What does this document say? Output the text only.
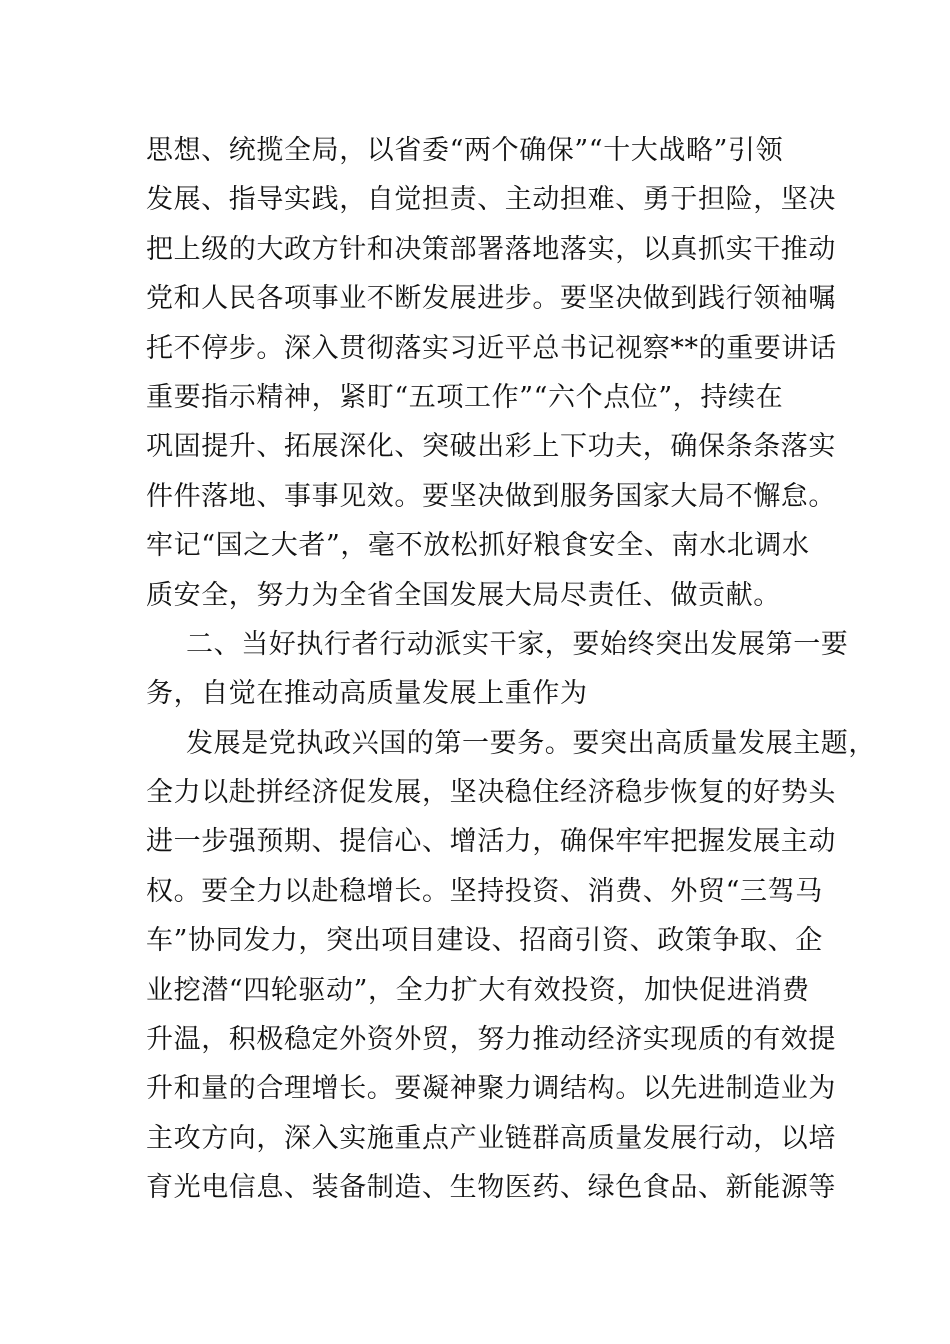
思想、统揽全局，以省委“两个确保”“十大战略”引领
发展、指导实践，自觉担责、主动担难、勇于担险，坚决
把上级的大政方针和决策部署落地落实，以真抓实干推动
党和人民各项事业不断发展进步。要坚决做到践行领袖嘱
托不停步。深入贯彻落实习近平总书记视察**的重要讲话
重要指示精神，紧盯“五项工作”“六个点位”，持续在
巩固提升、拓展深化、突破出彩上下功夫，确保条条落实
件件落地、事事见效。要坚决做到服务国家大局不懈怠。
牢记“国之大者”，毫不放松抓好粮食安全、南水北调水
质安全，努力为全省全国发展大局尽责任、做贡献。
二、当好执行者行动派实干家，要始终突出发展第一要
务，自觉在推动高质量发展上重作为
发展是党执政兴国的第一要务。要突出高质量发展主题，
全力以赴拼经济促发展，坚决稳住经济稳步恢复的好势头
进一步强预期、提信心、增活力，确保牢牢把握发展主动
权。要全力以赴稳增长。坚持投资、消费、外贸“三驾马
车”协同发力，突出项目建设、招商引资、政策争取、企
业挖潜“四轮驱动”，全力扩大有效投资，加快促进消费
升温，积极稳定外资外贸，努力推动经济实现质的有效提
升和量的合理增长。要凝神聚力调结构。以先进制造业为
主攻方向，深入实施重点产业链群高质量发展行动，以培
育光电信息、装备制造、生物医药、绿色食品、新能源等
